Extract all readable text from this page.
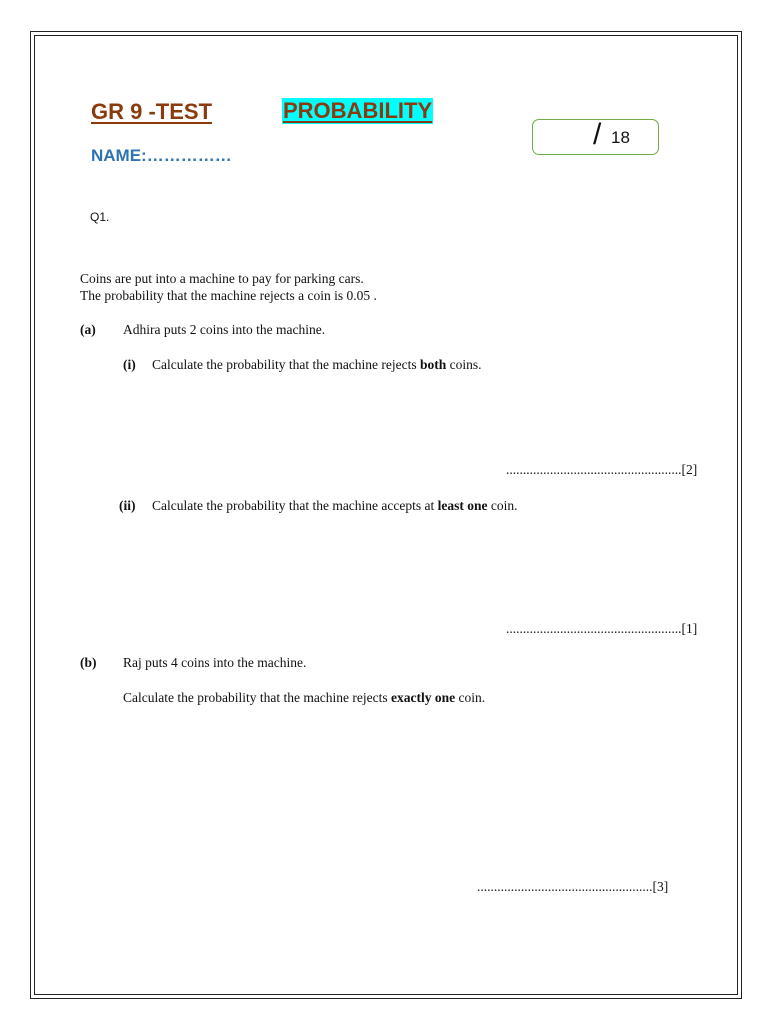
GR 9 -TEST	PROBABILITY
NAME:……………
/ 18
Q1.
Coins are put into a machine to pay for parking cars.
The probability that the machine rejects a coin is 0.05 .
(a) Adhira puts 2 coins into the machine.
(i) Calculate the probability that the machine rejects both coins.
....................................................[2]
(ii) Calculate the probability that the machine accepts at least one coin.
....................................................[1]
(b) Raj puts 4 coins into the machine.
Calculate the probability that the machine rejects exactly one coin.
....................................................[3]
